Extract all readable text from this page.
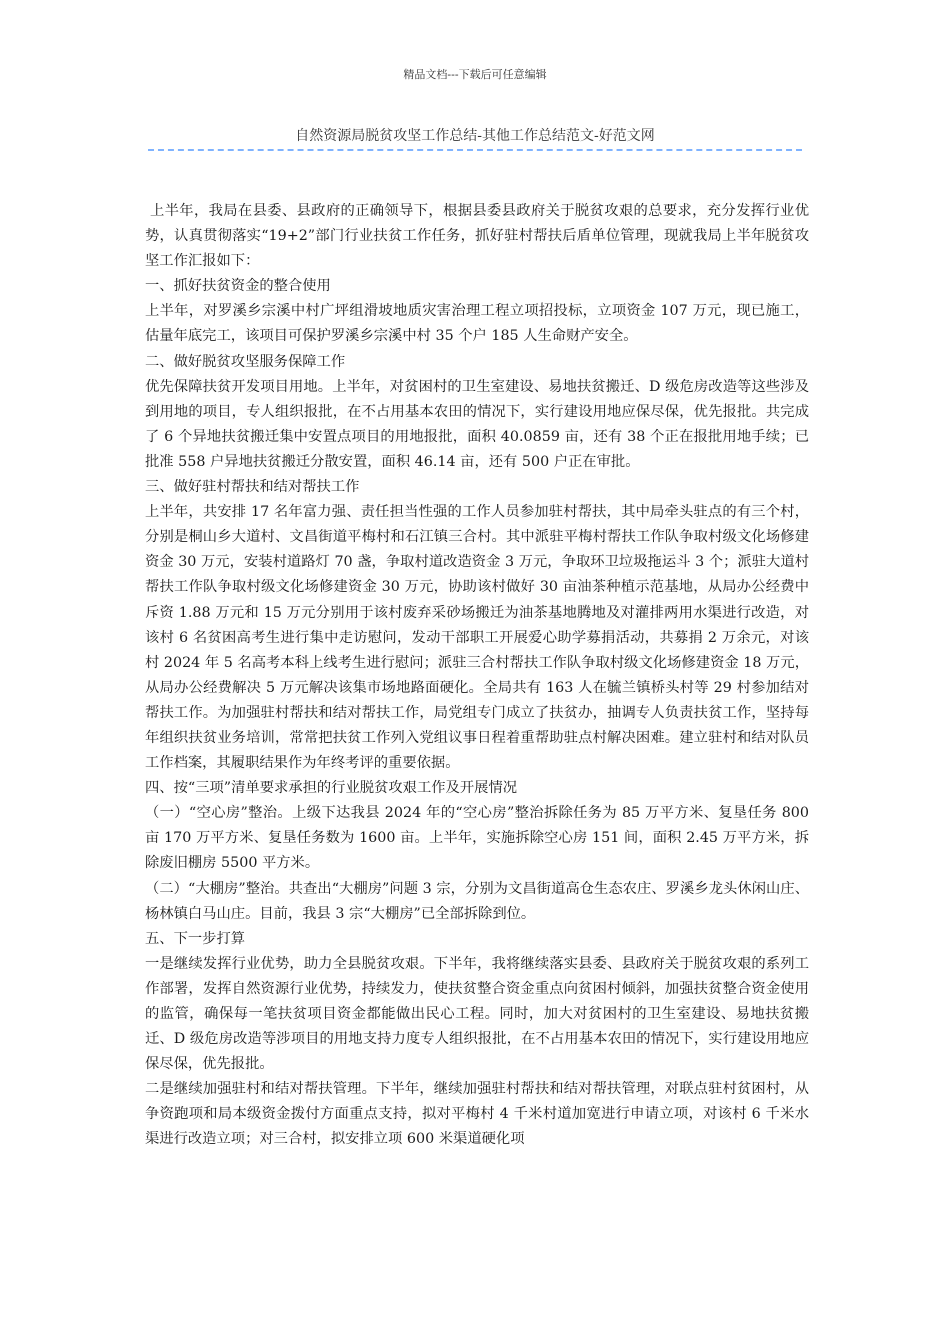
精品文档---下载后可任意编辑
自然资源局脱贫攻坚工作总结-其他工作总结范文-好范文网

上半年，我局在县委、县政府的正确领导下，根据县委县政府关于脱贫攻艰的总要求，充分发挥行业优势，认真贯彻落实“19+2”部门行业扶贫工作任务，抓好驻村帮扶后盾单位管理，现就我局上半年脱贫攻坚工作汇报如下：

一、抓好扶贫资金的整合使用

上半年，对罗溪乡宗溪中村广坪组滑坡地质灾害治理工程立项招投标，立项资金 107 万元，现已施工，估量年底完工，该项目可保护罗溪乡宗溪中村 35 个户 185 人生命财产安全。

二、做好脱贫攻坚服务保障工作

优先保障扶贫开发项目用地。上半年，对贫困村的卫生室建设、易地扶贫搬迁、D 级危房改造等这些涉及到用地的项目，专人组织报批，在不占用基本农田的情况下，实行建设用地应保尽保，优先报批。共完成了 6 个异地扶贫搬迁集中安置点项目的用地报批，面积 40.0859 亩，还有 38 个正在报批用地手续；已批准 558 户异地扶贫搬迁分散安置，面积 46.14 亩，还有 500 户正在审批。

三、做好驻村帮扶和结对帮扶工作

上半年，共安排 17 名年富力强、责任担当性强的工作人员参加驻村帮扶，其中局牵头驻点的有三个村，分别是桐山乡大道村、文昌街道平梅村和石江镇三合村。其中派驻平梅村帮扶工作队争取村级文化场修建资金 30 万元，安装村道路灯 70 盏，争取村道改造资金 3 万元，争取环卫垃圾拖运斗 3 个；派驻大道村帮扶工作队争取村级文化场修建资金 30 万元，协助该村做好 30 亩油茶种植示范基地，从局办公经费中斥资 1.88 万元和 15 万元分别用于该村废弃采砂场搬迁为油茶基地腾地及对灌排两用水渠进行改造，对该村 6 名贫困高考生进行集中走访慰问，发动干部职工开展爱心助学募捐活动，共募捐 2 万余元，对该村 2024 年 5 名高考本科上线考生进行慰问；派驻三合村帮扶工作队争取村级文化场修建资金 18 万元，从局办公经费解决 5 万元解决该集市场地路面硬化。全局共有 163 人在毓兰镇桥头村等 29 村参加结对帮扶工作。为加强驻村帮扶和结对帮扶工作，局党组专门成立了扶贫办，抽调专人负责扶贫工作，坚持每年组织扶贫业务培训，常常把扶贫工作列入党组议事日程着重帮助驻点村解决困难。建立驻村和结对队员工作档案，其履职结果作为年终考评的重要依据。

四、按“三项”清单要求承担的行业脱贫攻艰工作及开展情况

（一）“空心房”整治。上级下达我县 2024 年的“空心房”整治拆除任务为 85 万平方米、复垦任务 800 亩 170 万平方米、复垦任务数为 1600 亩。上半年，实施拆除空心房 151 间，面积 2.45 万平方米，拆除废旧棚房 5500 平方米。

（二）“大棚房”整治。共查出“大棚房”问题 3 宗，分别为文昌街道高仓生态农庄、罗溪乡龙头休闲山庄、杨林镇白马山庄。目前，我县 3 宗“大棚房”已全部拆除到位。

五、下一步打算

一是继续发挥行业优势，助力全县脱贫攻艰。下半年，我将继续落实县委、县政府关于脱贫攻艰的系列工作部署，发挥自然资源行业优势，持续发力，使扶贫整合资金重点向贫困村倾斜，加强扶贫整合资金使用的监管，确保每一笔扶贫项目资金都能做出民心工程。同时，加大对贫困村的卫生室建设、易地扶贫搬迁、D 级危房改造等涉项目的用地支持力度专人组织报批，在不占用基本农田的情况下，实行建设用地应保尽保，优先报批。

二是继续加强驻村和结对帮扶管理。下半年，继续加强驻村帮扶和结对帮扶管理，对联点驻村贫困村，从争资跑项和局本级资金拨付方面重点支持，拟对平梅村 4 千米村道加宽进行申请立项，对该村 6 千米水渠进行改造立项；对三合村，拟安排立项 600 米渠道硬化项
